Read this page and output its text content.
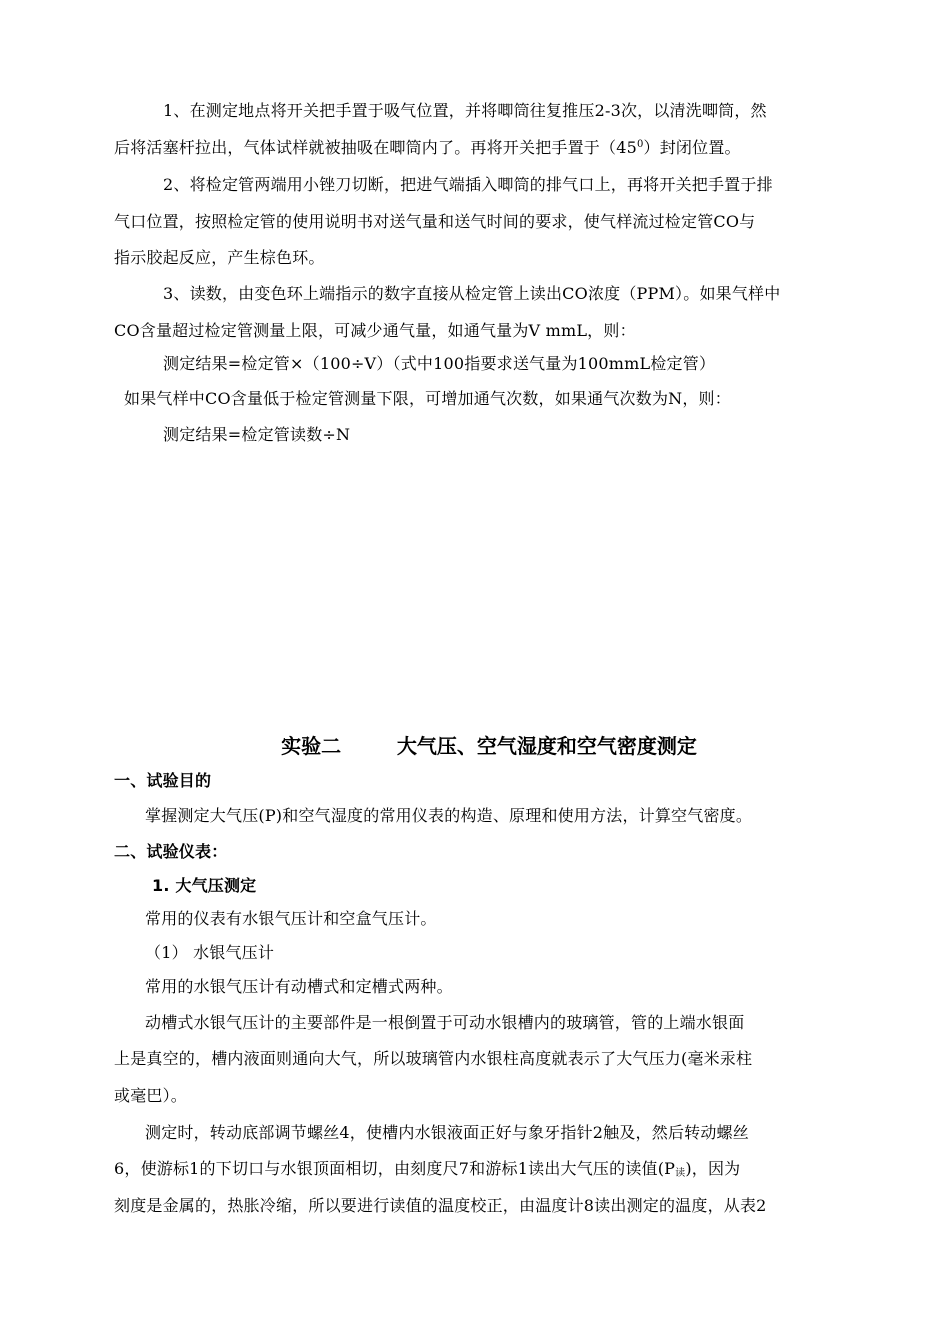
1、在测定地点将开关把手置于吸气位置，并将唧筒往复推压2-3次，以清洗唧筒，然
后将活塞杆拉出，气体试样就被抽吸在唧筒内了。再将开关把手置于$(45^0)$封闭位置。
2、将检定管两端用小锉刀切断，把进气端插入唧筒的排气口上，再将开关把手置于排
气口位置，按照检定管的使用说明书对送气量和送气时间的要求，使气样流过检定管CO与
指示胶起反应，产生棕色环。
3、读数，由变色环上端指示的数字直接从检定管上读出CO浓度（PPM）。如果气样中
CO含量超过检定管测量上限，可减少通气量，如通气量为V mmL，则：
测定结果=检定管×（100÷V）（式中100指要求送气量为100mmL检定管）
如果气样中CO含量低于检定管测量下限，可增加通气次数，如果通气次数为N，则：
测定结果=检定管读数÷N
实验二        大气压、空气湿度和空气密度测定
一、试验目的
掌握测定大气压(P)和空气湿度的常用仪表的构造、原理和使用方法，计算空气密度。
二、试验仪表：
1. 大气压测定
常用的仪表有水银气压计和空盒气压计。
（1） 水银气压计
常用的水银气压计有动槽式和定槽式两种。
动槽式水银气压计的主要部件是一根倒置于可动水银槽内的玻璃管，管的上端水银面
上是真空的，槽内液面则通向大气，所以玻璃管内水银柱高度就表示了大气压力(毫米汞柱
或毫巴）。
测定时，转动底部调节螺丝4，使槽内水银液面正好与象牙指针2触及，然后转动螺丝
6，使游标1的下切口与水银顶面相切，由刻度尺7和游标1读出大气压的读值$(P_读)$，因为
刻度是金属的，热胀冷缩，所以要进行读值的温度校正，由温度计8读出测定的温度，从表2
